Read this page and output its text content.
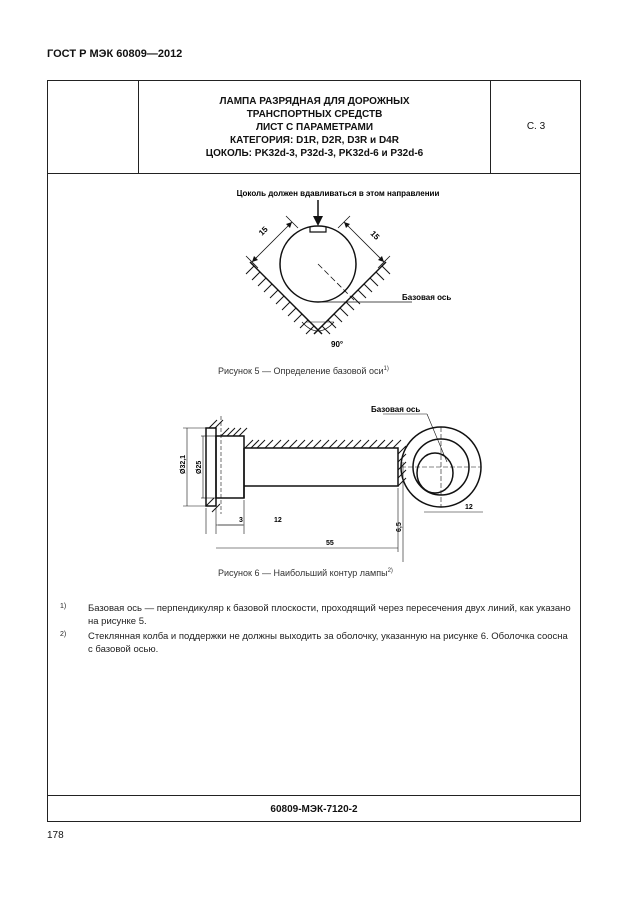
ГОСТ Р МЭК 60809—2012
ЛАМПА РАЗРЯДНАЯ ДЛЯ ДОРОЖНЫХ
ТРАНСПОРТНЫХ СРЕДСТВ
ЛИСТ С ПАРАМЕТРАМИ
КАТЕГОРИЯ: D1R, D2R, D3R и D4R
ЦОКОЛЬ: PK32d-3, P32d-3, PK32d-6 и P32d-6
С. 3
Цоколь должен вдавливаться в этом направлении
15	15
Базовая ось
90°
Рисунок 5 — Определение базовой оси$^{1)}$
Ø32,1 Ø25
3	12
55
Базовая ось
6,5
12
Рисунок 6 — Наибольший контур лампы$^{2)}$
1) Базовая ось — перпендикуляр к базовой плоскости, проходящий через пересечения двух линий, как указано на рисунке 5.
2) Стеклянная колба и поддержки не должны выходить за оболочку, указанную на рисунке 6. Оболочка соосна с базовой осью.
60809-МЭК-7120-2
178
